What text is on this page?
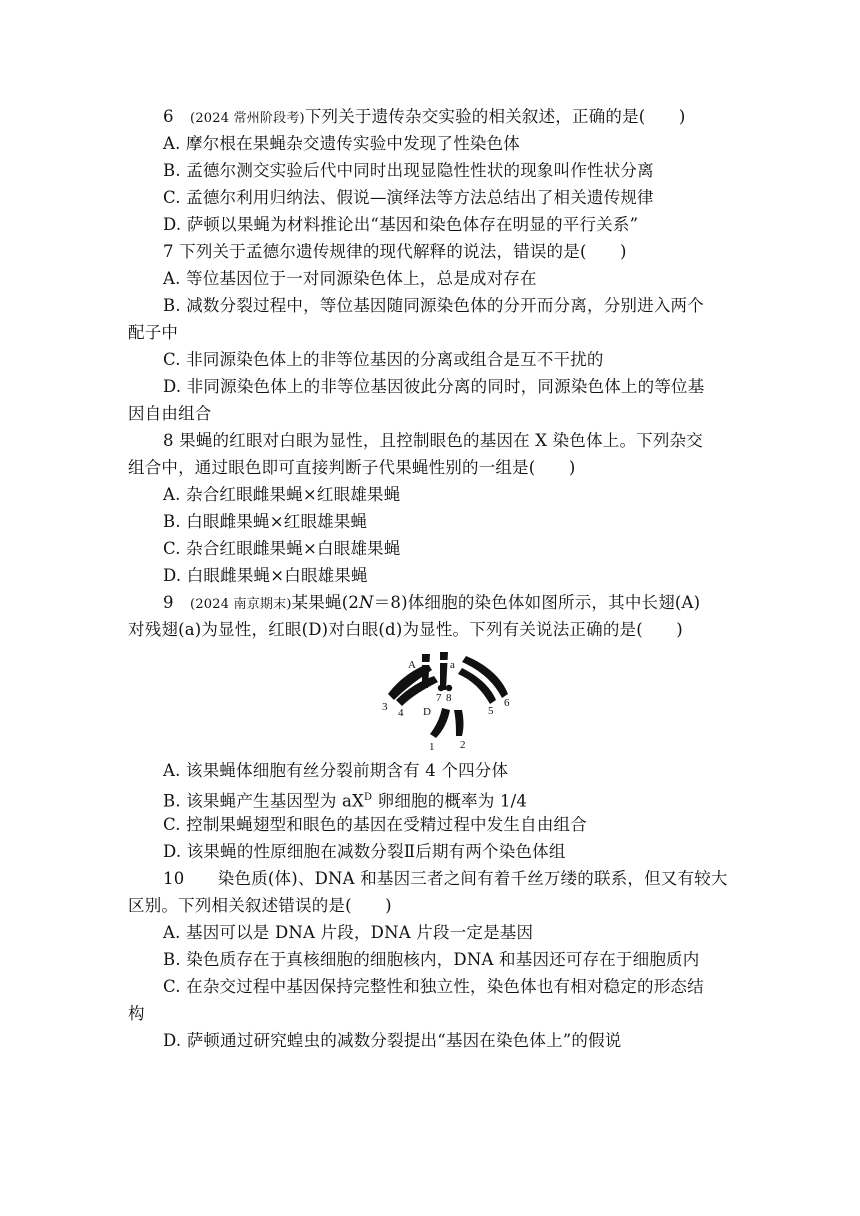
6 (2024 常州阶段考)下列关于遗传杂交实验的相关叙述，正确的是(　　)
A. 摩尔根在果蝇杂交遗传实验中发现了性染色体
B. 孟德尔测交实验后代中同时出现显隐性性状的现象叫作性状分离
C. 孟德尔利用归纳法、假说—演绎法等方法总结出了相关遗传规律
D. 萨顿以果蝇为材料推论出“基因和染色体存在明显的平行关系”
7 下列关于孟德尔遗传规律的现代解释的说法，错误的是(　　)
A. 等位基因位于一对同源染色体上，总是成对存在
B. 减数分裂过程中，等位基因随同源染色体的分开而分离，分别进入两个
配子中
C. 非同源染色体上的非等位基因的分离或组合是互不干扰的
D. 非同源染色体上的非等位基因彼此分离的同时，同源染色体上的等位基
因自由组合
8 果蝇的红眼对白眼为显性，且控制眼色的基因在 X 染色体上。下列杂交
组合中，通过眼色即可直接判断子代果蝇性别的一组是(　　)
A. 杂合红眼雌果蝇×红眼雄果蝇
B. 白眼雌果蝇×红眼雄果蝇
C. 杂合红眼雌果蝇×白眼雄果蝇
D. 白眼雌果蝇×白眼雄果蝇
9 (2024 南京期末)某果蝇(2N＝8)体细胞的染色体如图所示，其中长翅(A)
对残翅(a)为显性，红眼(D)对白眼(d)为显性。下列有关说法正确的是(　　)
A	a
7 8
3 4 D	5
6
1 2
A. 该果蝇体细胞有丝分裂前期含有 4 个四分体
B. 该果蝇产生基因型为 $aX^D$ 卵细胞的概率为 1/4
C. 控制果蝇翅型和眼色的基因在受精过程中发生自由组合
D. 该果蝇的性原细胞在减数分裂Ⅱ后期有两个染色体组
10　　染色质(体)、DNA 和基因三者之间有着千丝万缕的联系，但又有较大
区别。下列相关叙述错误的是(　　)
A. 基因可以是 DNA 片段，DNA 片段一定是基因
B. 染色质存在于真核细胞的细胞核内，DNA 和基因还可存在于细胞质内
C. 在杂交过程中基因保持完整性和独立性，染色体也有相对稳定的形态结
构
D. 萨顿通过研究蝗虫的减数分裂提出“基因在染色体上”的假说
